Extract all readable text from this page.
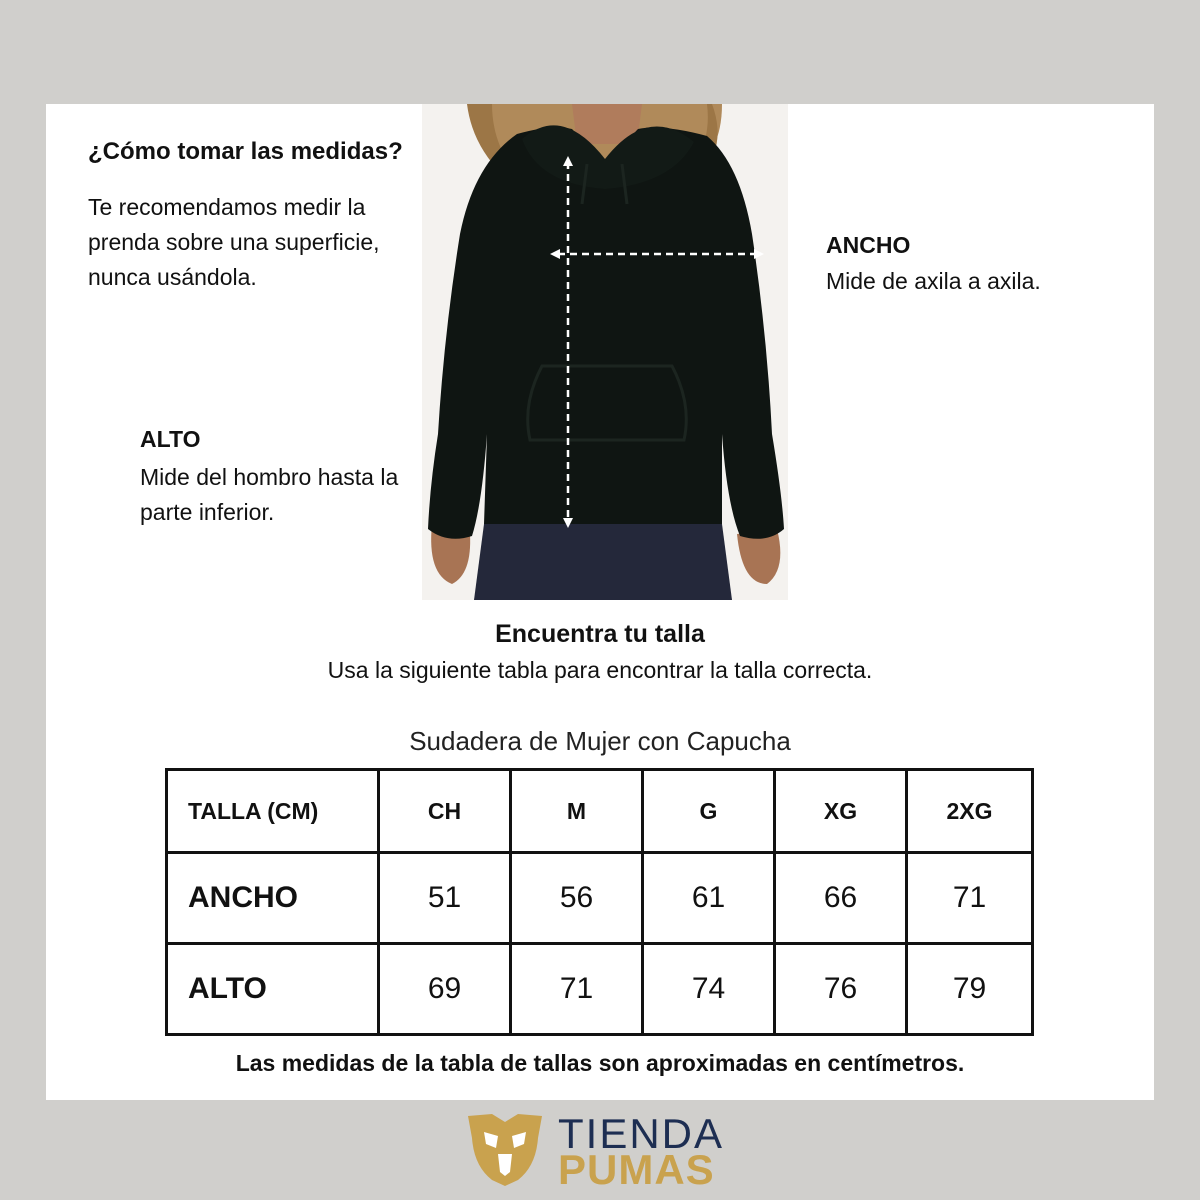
¿Cómo tomar las medidas?
Te recomendamos medir la prenda sobre una superficie, nunca usándola.
ANCHO
Mide de axila a axila.
ALTO
Mide del hombro hasta la parte inferior.
Encuentra tu talla
Usa la siguiente tabla para encontrar la talla correcta.
Sudadera de Mujer con Capucha
TALLA (CM)	CH	M	G	XG	2XG
ANCHO	51	56	61	66	71
ALTO	69	71	74	76	79
Las medidas de la tabla de tallas son aproximadas en centímetros.
TIENDA
PUMAS
